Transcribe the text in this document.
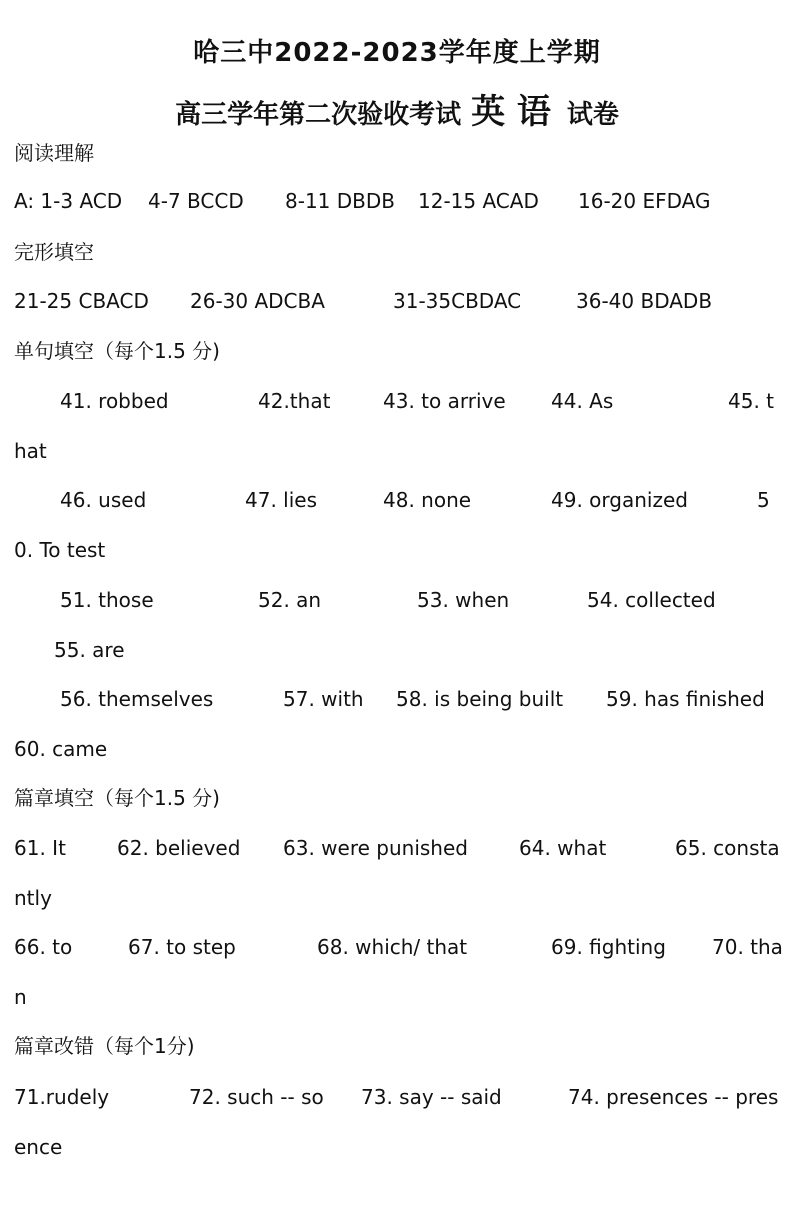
哈三中2022-2023学年度上学期
高三学年第二次验收考试 英 语 试卷
阅读理解
A: 1-3 ACD 4-7 BCCD 8-11 DBDB 12-15 ACAD 16-20 EFDAG
完形填空
21-25 CBACD 26-30 ADCBA	31-35CBDAC	36-40 BDADB
单句填空（每个1.5 分)
41. robbed	42.that	43. to arrive 44. As	45. t
hat
46. used	47. lies	48. none	49. organized	5
0. To test
51. those	52. an	53. when	54. collected
55. are
56. themselves	57. with 58. is being built 59. has finished
60. came
篇章填空（每个1.5 分)
61. It	62. believed 63. were punished	64. what	65. consta
ntly
66. to	67. to step	68. which/ that	69. fighting 70. tha
n
篇章改错（每个1分)
71.rudely	72. such -- so 73. say -- said	74. presences -- pres
ence
